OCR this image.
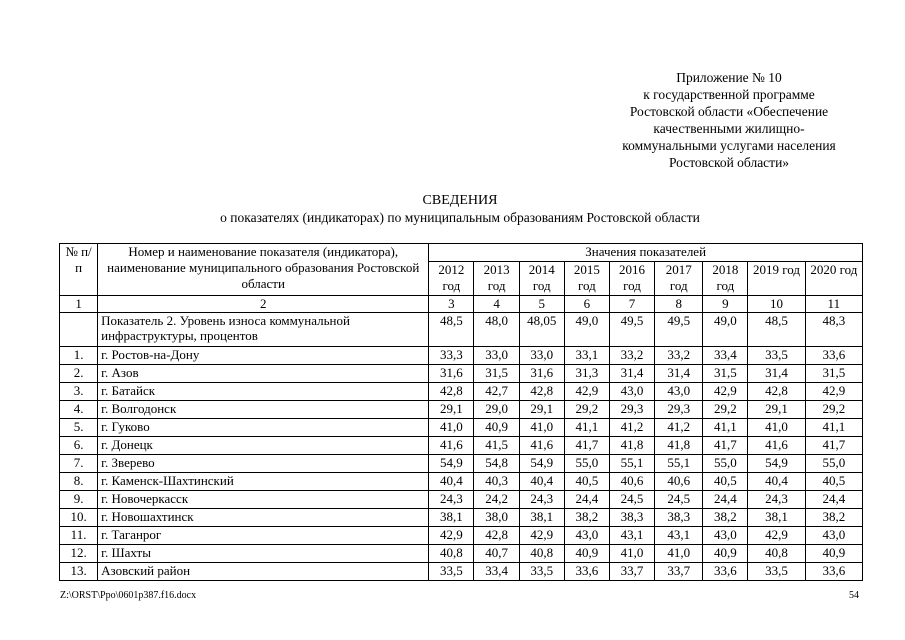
Приложение № 10
к государственной программе
Ростовской области «Обеспечение
качественными жилищно-
коммунальными услугами населения
Ростовской области»
СВЕДЕНИЯ
о показателях (индикаторах) по муниципальным образованиям Ростовской области
№ п/п	Номер и наименование показателя (индикатора), наименование муниципального образования Ростовской области	Значения показателей								
		2012 год	2013 год	2014 год	2015 год	2016 год	2017 год	2018 год	2019 год	2020 год
1	2	3	4	5	6	7	8	9	10	11
	Показатель 2. Уровень износа коммунальной инфраструктуры, процентов	48,5	48,0	48,05	49,0	49,5	49,5	49,0	48,5	48,3
1.	г. Ростов-на-Дону	33,3	33,0	33,0	33,1	33,2	33,2	33,4	33,5	33,6
2.	г. Азов	31,6	31,5	31,6	31,3	31,4	31,4	31,5	31,4	31,5
3.	г. Батайск	42,8	42,7	42,8	42,9	43,0	43,0	42,9	42,8	42,9
4.	г. Волгодонск	29,1	29,0	29,1	29,2	29,3	29,3	29,2	29,1	29,2
5.	г. Гуково	41,0	40,9	41,0	41,1	41,2	41,2	41,1	41,0	41,1
6.	г. Донецк	41,6	41,5	41,6	41,7	41,8	41,8	41,7	41,6	41,7
7.	г. Зверево	54,9	54,8	54,9	55,0	55,1	55,1	55,0	54,9	55,0
8.	г. Каменск-Шахтинский	40,4	40,3	40,4	40,5	40,6	40,6	40,5	40,4	40,5
9.	г. Новочеркасск	24,3	24,2	24,3	24,4	24,5	24,5	24,4	24,3	24,4
10.	г. Новошахтинск	38,1	38,0	38,1	38,2	38,3	38,3	38,2	38,1	38,2
11.	г. Таганрог	42,9	42,8	42,9	43,0	43,1	43,1	43,0	42,9	43,0
12.	г. Шахты	40,8	40,7	40,8	40,9	41,0	41,0	40,9	40,8	40,9
13.	Азовский район	33,5	33,4	33,5	33,6	33,7	33,7	33,6	33,5	33,6
Z:\ORST\Ppo\0601p387.f16.docx	54
